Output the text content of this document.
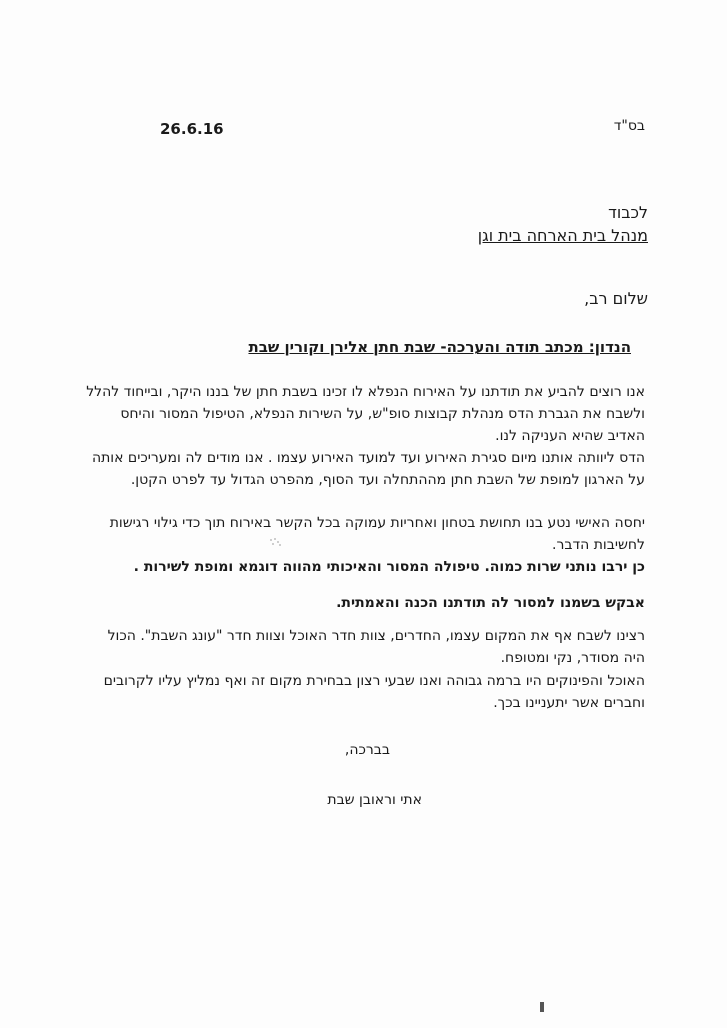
26.6.16	בס"ד
לכבוד
מנהל בית הארחה בית וגן
שלום רב,
הנדון: מכתב תודה והערכה- שבת חתן אלירן וקורין שבת

אנו רוצים להביע את תודתנו על האירוח הנפלא לו זכינו בשבת חתן של בננו היקר, ובייחוד להלל ולשבח את הגברת הדס מנהלת קבוצות סופ"ש, על השירות הנפלא, הטיפול המסור והיחס האדיב שהיא העניקה לנו.

הדס ליוותה אותנו מיום סגירת האירוע ועד למועד האירוע עצמו . אנו מודים לה ומעריכים אותה על הארגון למופת של השבת חתן מההתחלה ועד הסוף, מהפרט הגדול עד לפרט הקטן.

יחסה האישי נטע בנו תחושת בטחון ואחריות עמוקה בכל הקשר באירוח תוך כדי גילוי רגישות לחשיבות הדבר.

כן ירבו נותני שרות כמוה. טיפולה המסור והאיכותי מהווה דוגמא ומופת לשירות .

אבקש בשמנו למסור לה תודתנו הכנה והאמתית.

רצינו לשבח אף את המקום עצמו, החדרים, צוות חדר האוכל וצוות חדר "עונג השבת". הכול היה מסודר, נקי ומטופח.

האוכל והפינוקים היו ברמה גבוהה ואנו שבעי רצון בבחירת מקום זה ואף נמליץ עליו לקרובים וחברים אשר יתעניינו בכך.

בברכה,
אתי וראובן שבת
